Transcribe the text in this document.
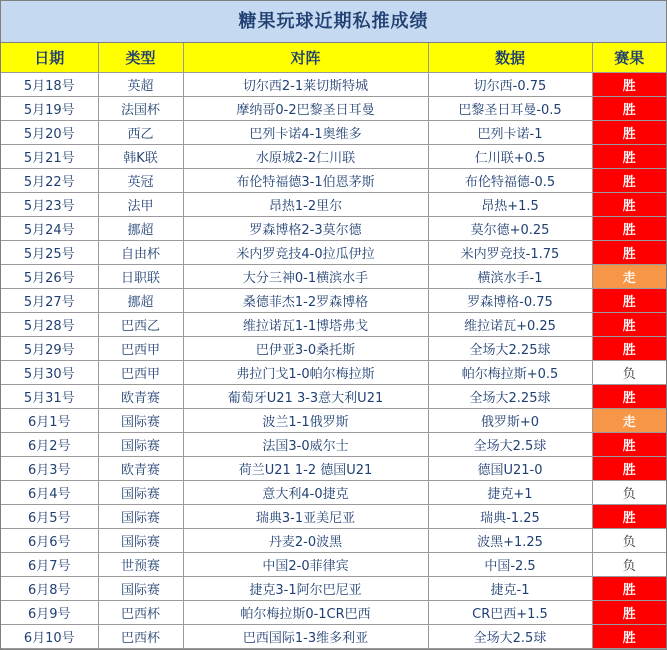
糖果玩球近期私推成绩
日期	类型	对阵	数据	赛果
5月18号	英超	切尔西2-1莱切斯特城	切尔西-0.75	胜
5月19号	法国杯	摩纳哥0-2巴黎圣日耳曼	巴黎圣日耳曼-0.5	胜
5月20号	西乙	巴列卡诺4-1奥维多	巴列卡诺-1	胜
5月21号	韩K联	水原城2-2仁川联	仁川联+0.5	胜
5月22号	英冠	布伦特福德3-1伯恩茅斯	布伦特福德-0.5	胜
5月23号	法甲	昂热1-2里尔	昂热+1.5	胜
5月24号	挪超	罗森博格2-3莫尔德	莫尔德+0.25	胜
5月25号	自由杯	米内罗竞技4-0拉瓜伊拉	米内罗竞技-1.75	胜
5月26号	日职联	大分三神0-1横滨水手	横滨水手-1	走
5月27号	挪超	桑德菲杰1-2罗森博格	罗森博格-0.75	胜
5月28号	巴西乙	维拉诺瓦1-1博塔弗戈	维拉诺瓦+0.25	胜
5月29号	巴西甲	巴伊亚3-0桑托斯	全场大2.25球	胜
5月30号	巴西甲	弗拉门戈1-0帕尔梅拉斯	帕尔梅拉斯+0.5	负
5月31号	欧青赛	葡萄牙U21 3-3意大利U21	全场大2.25球	胜
6月1号	国际赛	波兰1-1俄罗斯	俄罗斯+0	走
6月2号	国际赛	法国3-0威尔士	全场大2.5球	胜
6月3号	欧青赛	荷兰U21 1-2 德国U21	德国U21-0	胜
6月4号	国际赛	意大利4-0捷克	捷克+1	负
6月5号	国际赛	瑞典3-1亚美尼亚	瑞典-1.25	胜
6月6号	国际赛	丹麦2-0波黑	波黑+1.25	负
6月7号	世预赛	中国2-0菲律宾	中国-2.5	负
6月8号	国际赛	捷克3-1阿尔巴尼亚	捷克-1	胜
6月9号	巴西杯	帕尔梅拉斯0-1CR巴西	CR巴西+1.5	胜
6月10号	巴西杯	巴西国际1-3维多利亚	全场大2.5球	胜
